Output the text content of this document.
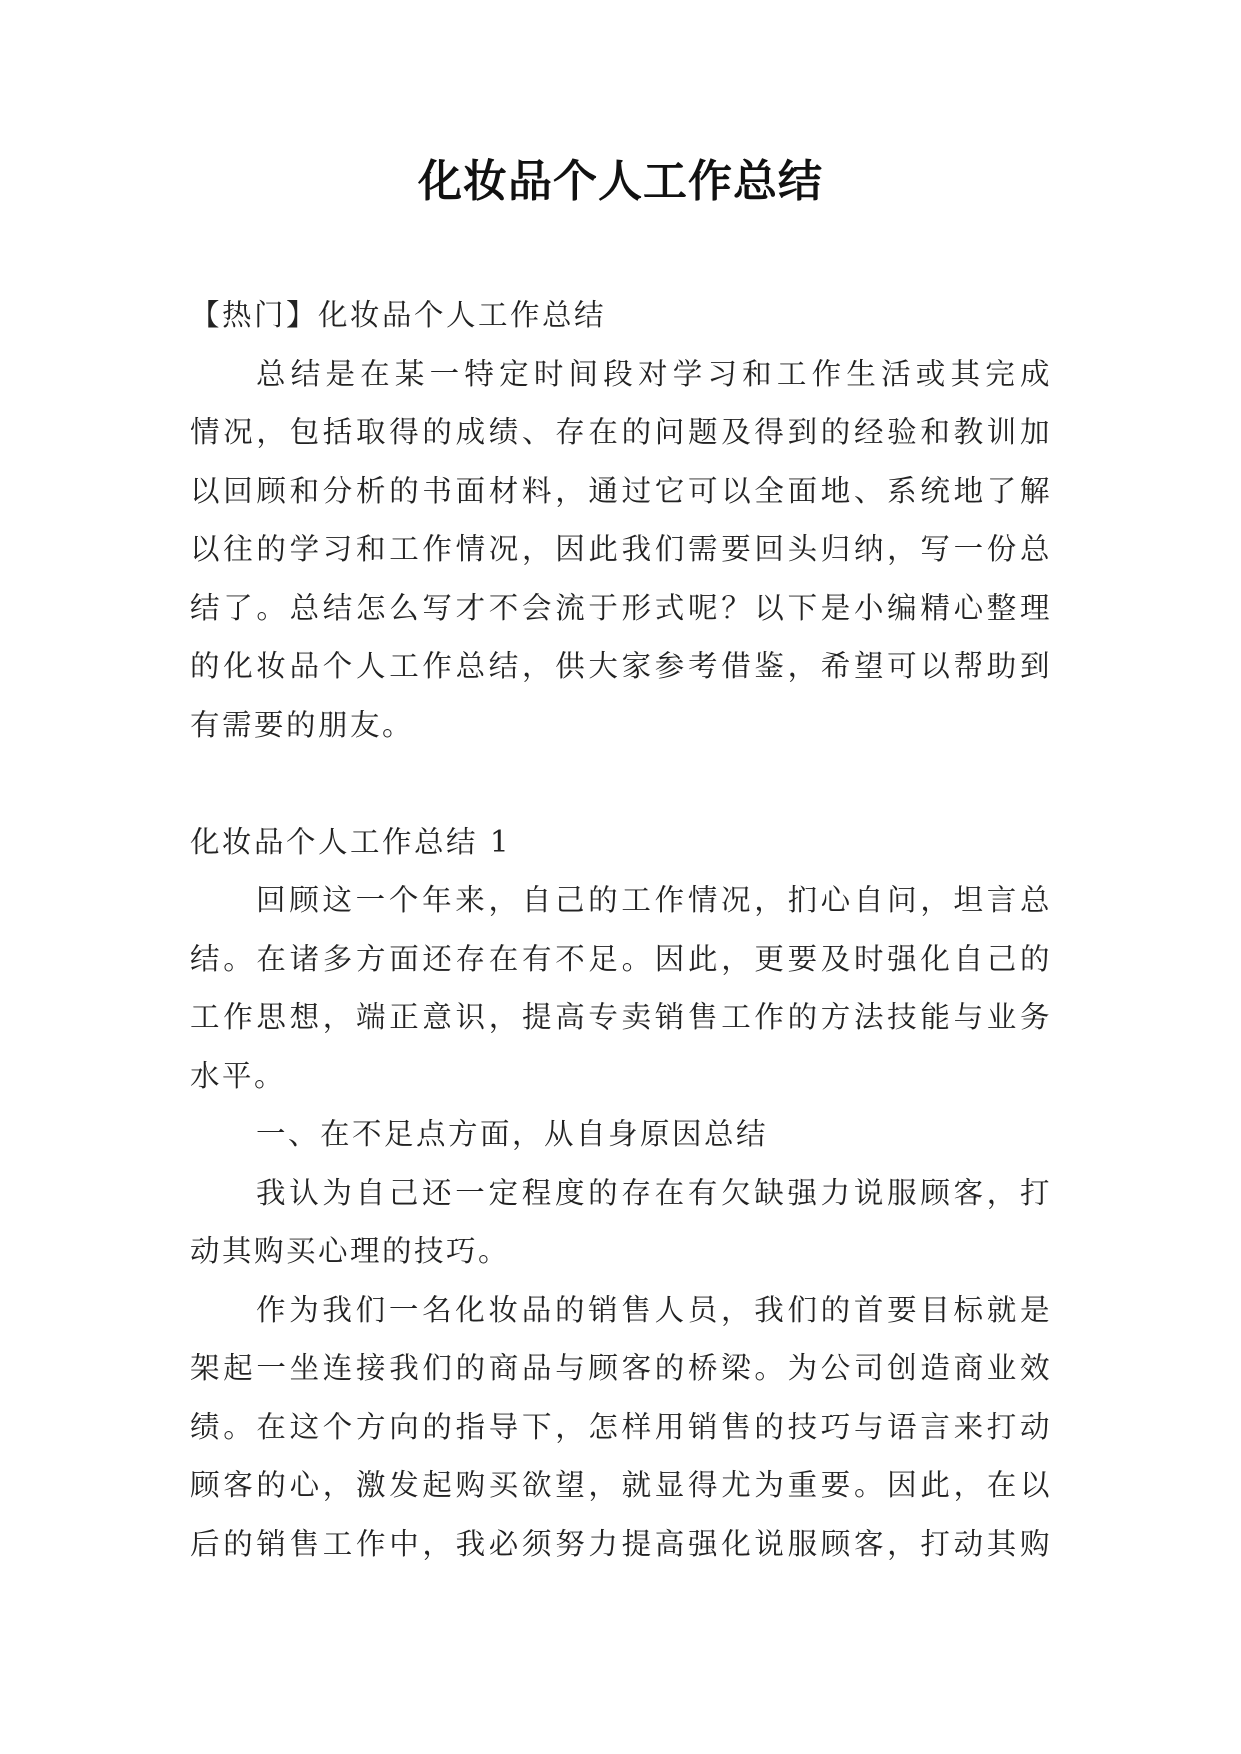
化妆品个人工作总结
【热门】化妆品个人工作总结
总结是在某一特定时间段对学习和工作生活或其完成
情况，包括取得的成绩、存在的问题及得到的经验和教训加
以回顾和分析的书面材料，通过它可以全面地、系统地了解
以往的学习和工作情况，因此我们需要回头归纳，写一份总
结了。总结怎么写才不会流于形式呢？以下是小编精心整理
的化妆品个人工作总结，供大家参考借鉴，希望可以帮助到
有需要的朋友。
化妆品个人工作总结 1
回顾这一个年来，自己的工作情况，扪心自问，坦言总
结。在诸多方面还存在有不足。因此，更要及时强化自己的
工作思想，端正意识，提高专卖销售工作的方法技能与业务
水平。
一、在不足点方面，从自身原因总结
我认为自己还一定程度的存在有欠缺强力说服顾客，打
动其购买心理的技巧。
作为我们一名化妆品的销售人员，我们的首要目标就是
架起一坐连接我们的商品与顾客的桥梁。为公司创造商业效
绩。在这个方向的指导下，怎样用销售的技巧与语言来打动
顾客的心，激发起购买欲望，就显得尤为重要。因此，在以
后的销售工作中，我必须努力提高强化说服顾客，打动其购
